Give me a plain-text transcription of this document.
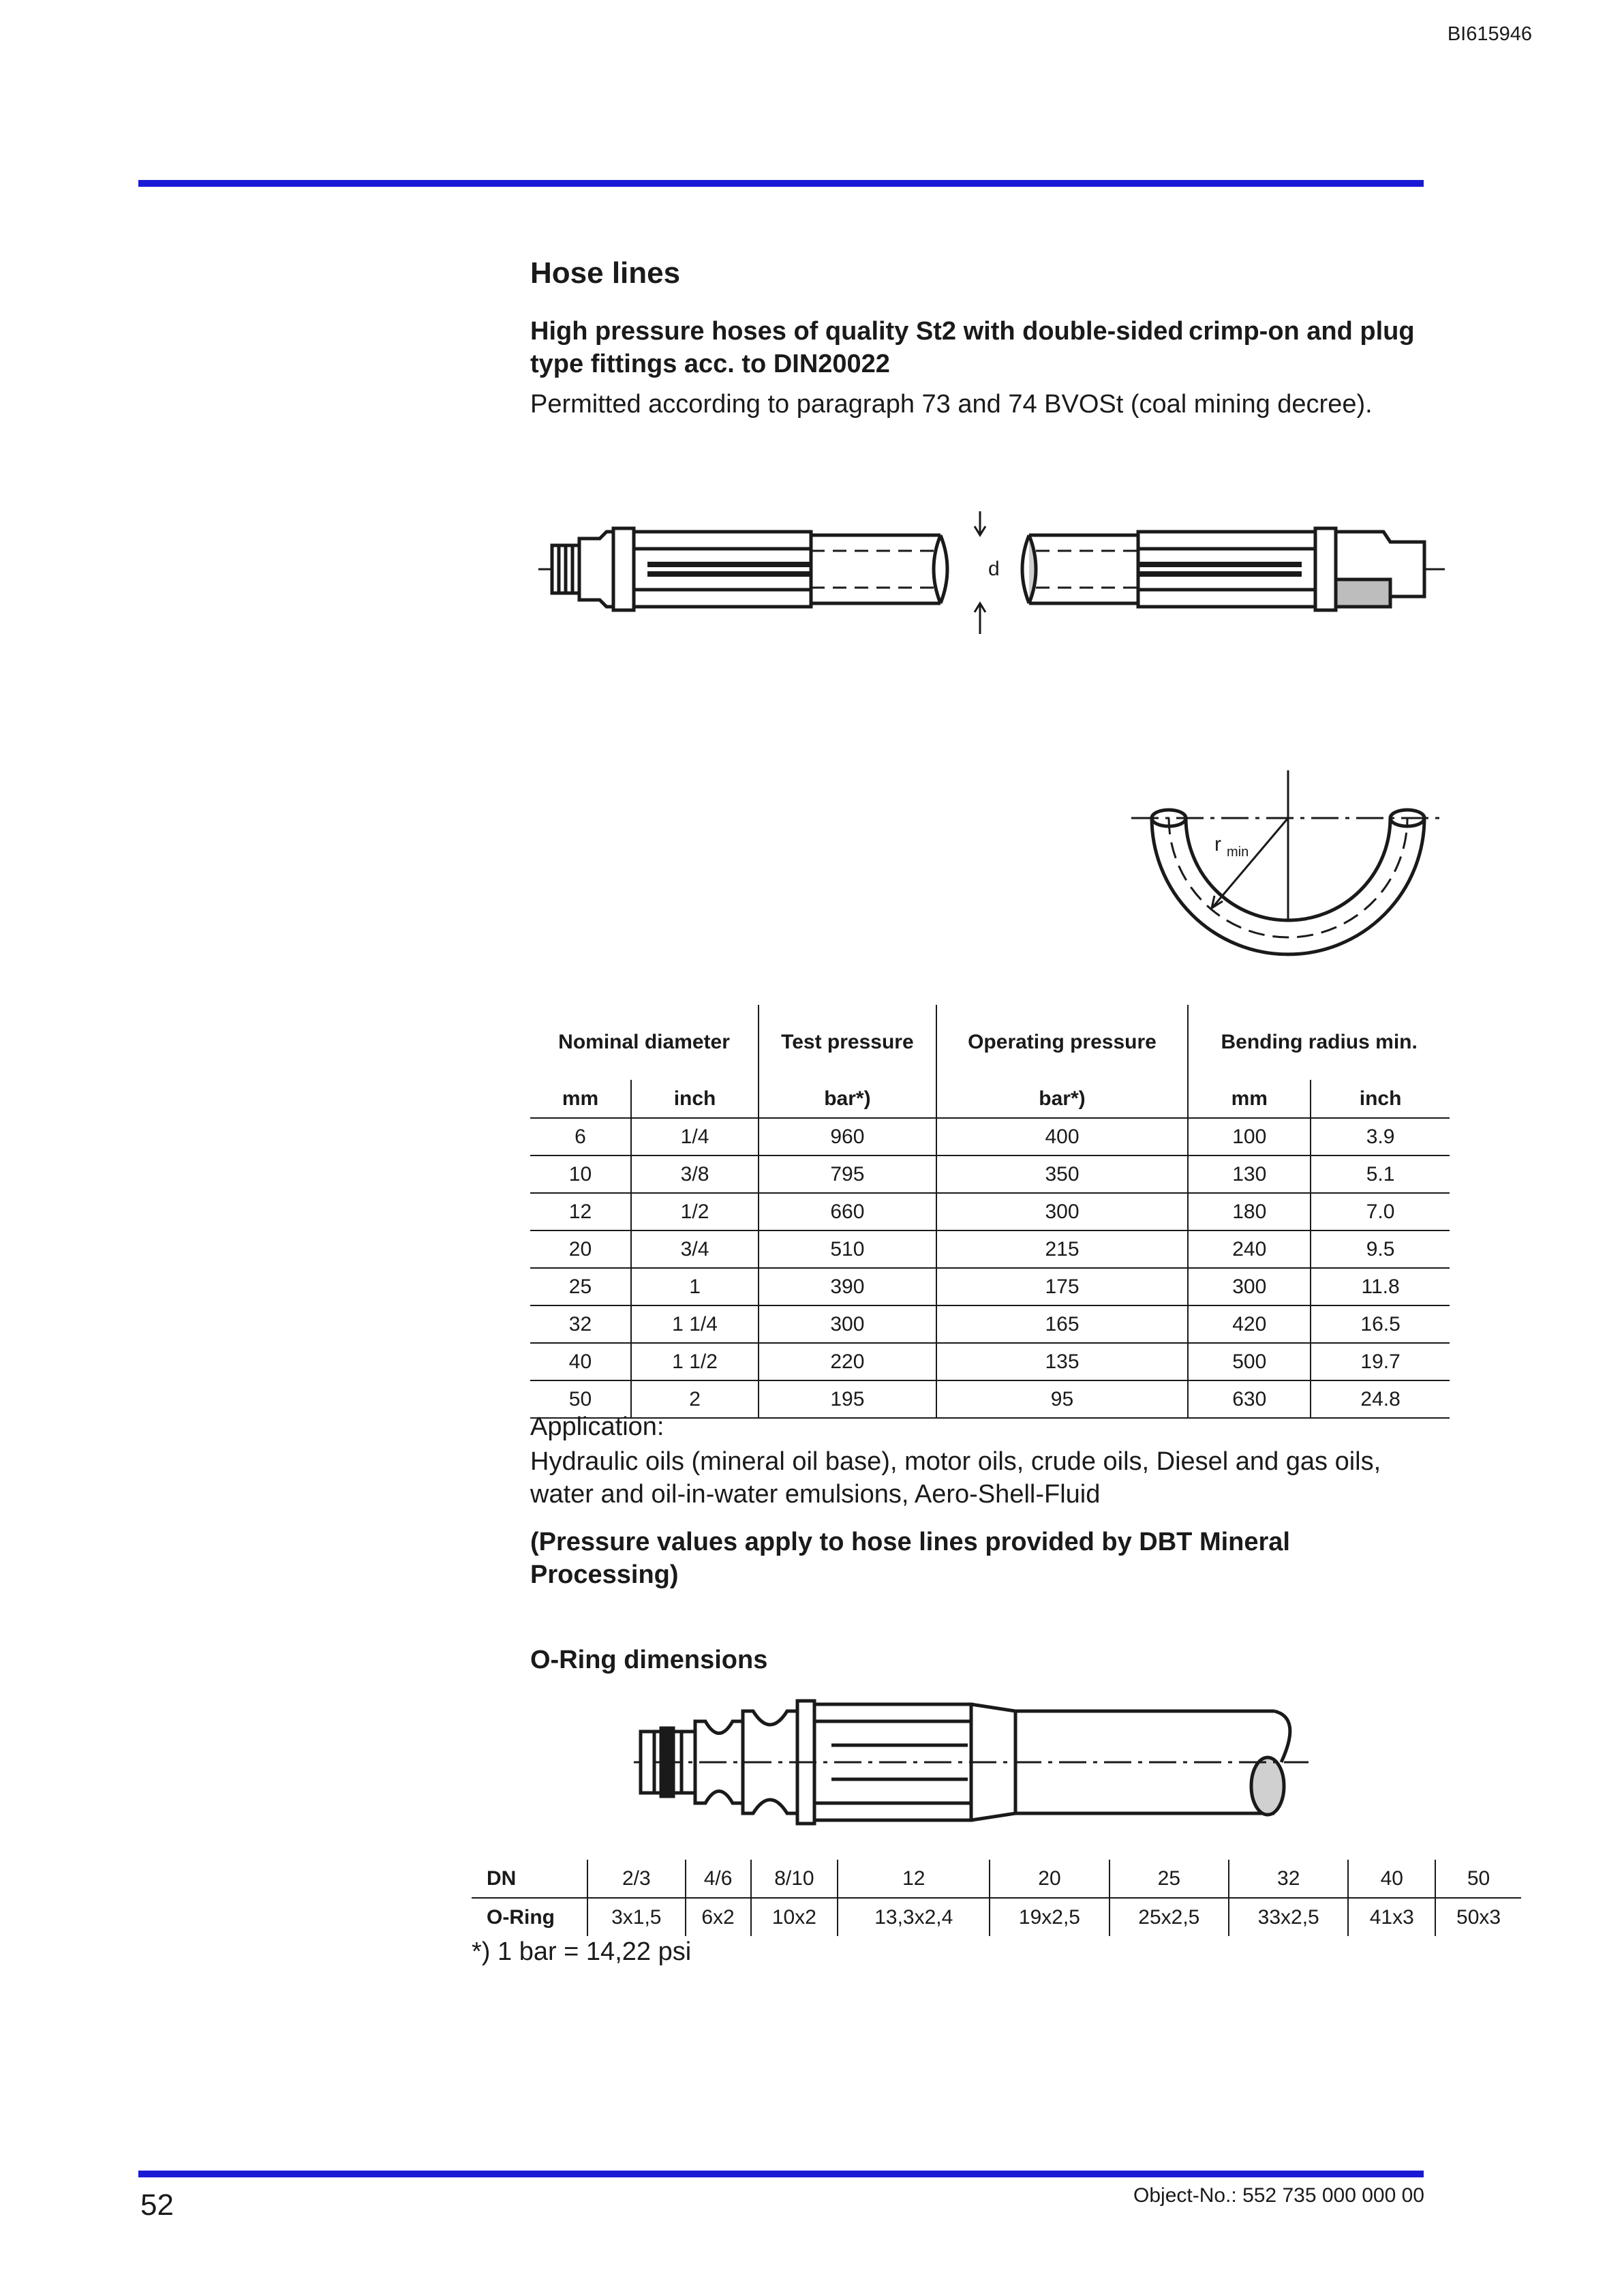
BI615946
Hose lines
High pressure hoses of quality St2 with double-sided crimp-on and plug type fittings acc. to DIN20022
Permitted according to paragraph 73 and 74 BVOSt (coal mining decree).
d
r min
Nominal diameter		Test pressure	Operating pressure	Bending radius min.	
mm	inch	bar*)	bar*)	mm	inch
6	1/4	960	400	100	3.9
10	3/8	795	350	130	5.1
12	1/2	660	300	180	7.0
20	3/4	510	215	240	9.5
25	1	390	175	300	11.8
32	1 1/4	300	165	420	16.5
40	1 1/2	220	135	500	19.7
50	2	195	95	630	24.8
Application:
Hydraulic oils (mineral oil base), motor oils, crude oils, Diesel and gas oils, water and oil-in-water emulsions, Aero-Shell-Fluid
(Pressure values apply to hose lines provided by DBT Mineral Processing)
O-Ring dimensions
DN	2/3	4/6	8/10	12	20	25	32	40	50
O-Ring	3x1,5	6x2	10x2	13,3x2,4	19x2,5	25x2,5	33x2,5	41x3	50x3
*) 1 bar = 14,22 psi
52	Object-No.: 552 735 000 000 00
